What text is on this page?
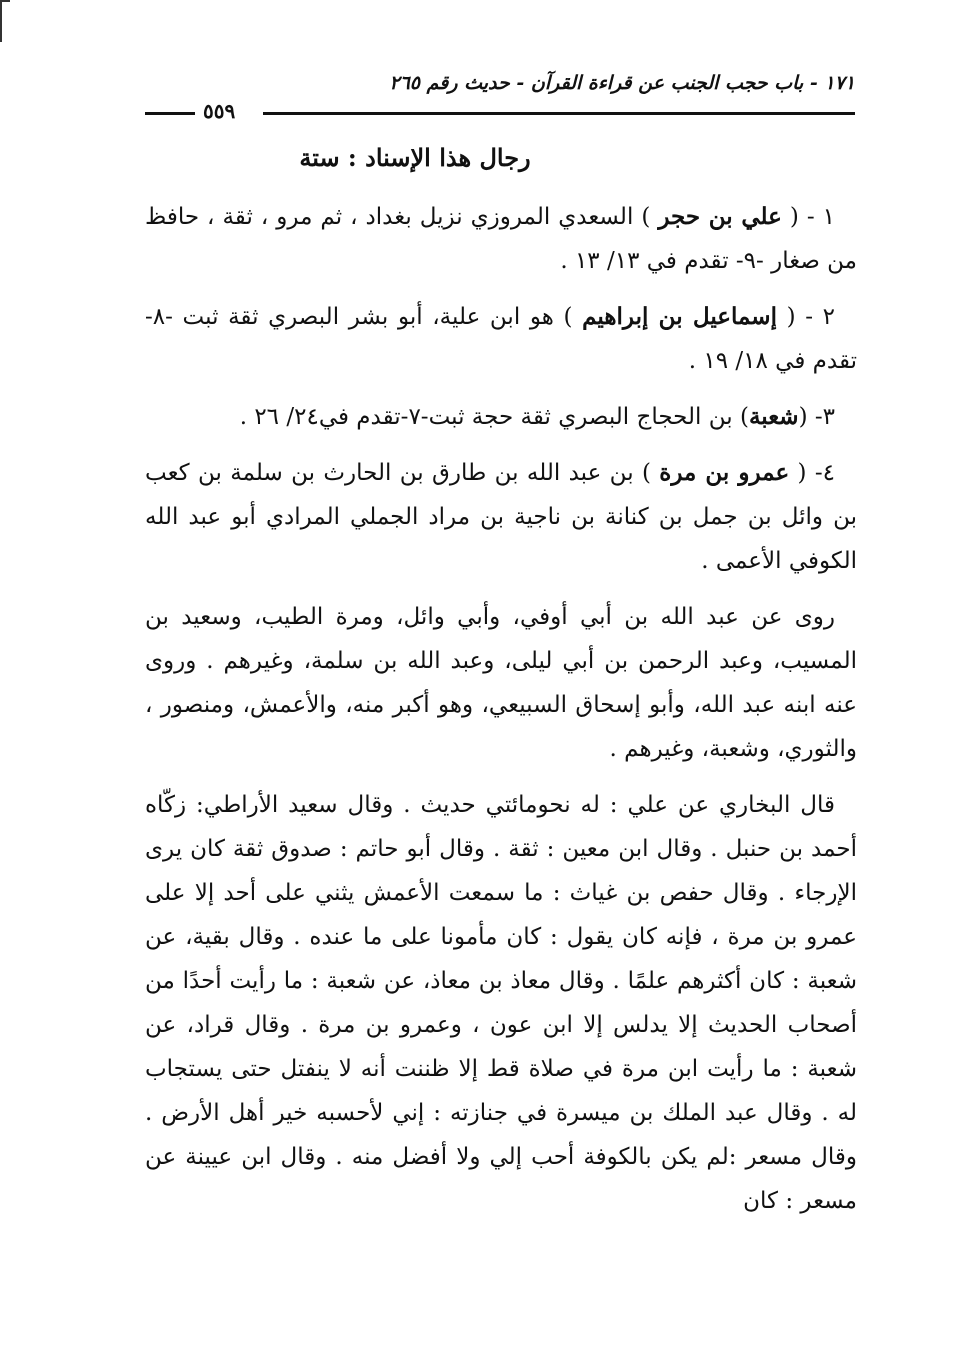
١٧١ - باب حجب الجنب عن قراءة القرآن - حديث رقم ٢٦٥
٥٥٩
رجال هذا الإسناد : ستة

١ - ( علي بن حجر ) السعدي المروزي نزيل بغداد ، ثم مرو ، ثقة ، حافظ من صغار -٩- تقدم في ١٣/ ١٣ .

٢ - ( إسماعيل بن إبراهيم ) هو ابن علية، أبو بشر البصري ثقة ثبت -٨-تقدم في ١٨/ ١٩ .

٣- (شعبة) بن الحجاج البصري ثقة حجة ثبت-٧-تقدم في٢٤/ ٢٦ .

٤- ( عمرو بن مرة ) بن عبد الله بن طارق بن الحارث بن سلمة بن كعب بن وائل بن جمل بن كنانة بن ناجية بن مراد الجملي المرادي أبو عبد الله الكوفي الأعمى .

روى عن عبد الله بن أبي أوفي، وأبي وائل، ومرة الطيب، وسعيد بن المسيب، وعبد الرحمن بن أبي ليلى، وعبد الله بن سلمة، وغيرهم . وروى عنه ابنه عبد الله، وأبو إسحاق السبيعي، وهو أكبر منه، والأعمش، ومنصور ، والثوري، وشعبة، وغيرهم .

قال البخاري عن علي : له نحومائتي حديث . وقال سعيد الأراطي: زكّاه أحمد بن حنبل . وقال ابن معين : ثقة . وقال أبو حاتم : صدوق ثقة كان يرى الإرجاء . وقال حفص بن غياث : ما سمعت الأعمش يثني على أحد إلا على عمرو بن مرة ، فإنه كان يقول : كان مأمونا على ما عنده . وقال بقية، عن شعبة : كان أكثرهم علمًا . وقال معاذ بن معاذ، عن شعبة : ما رأيت أحدًا من أصحاب الحديث إلا يدلس إلا ابن عون ، وعمرو بن مرة . وقال قراد، عن شعبة : ما رأيت ابن مرة في صلاة قط إلا ظننت أنه لا ينفتل حتى يستجاب له . وقال عبد الملك بن ميسرة في جنازته : إني لأحسبه خير أهل الأرض . وقال مسعر :لم يكن بالكوفة أحب إلي ولا أفضل منه . وقال ابن عيينة عن مسعر : كان
